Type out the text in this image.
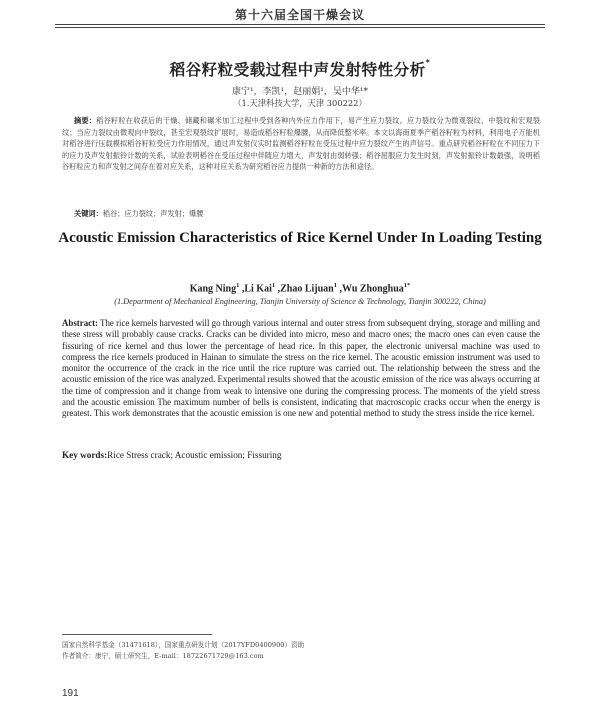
第十六届全国干燥会议
稻谷籽粒受载过程中声发射特性分析*
康宁¹，李凯¹，赵丽娟¹，吴中华¹*
（1.天津科技大学，天津 300222）
摘要：稻谷籽粒在收获后的干燥、储藏和碾米加工过程中受到各种内外应力作用下，易产生应力裂纹。应力裂纹分为微观裂纹、中裂纹和宏观裂纹；当应力裂纹由微观向中裂纹，甚至宏观裂纹扩展时，易造成稻谷籽粒爆腰，从而降低整米率。本文以海南夏季产稻谷籽粒为材料，利用电子万能机对稻谷进行压载模拟稻谷籽粒受应力作用情况，通过声发射仪实时监测稻谷籽粒在受压过程中应力裂纹产生的声信号。重点研究稻谷籽粒在不同压力下的应力及声发射振铃计数的关系，试验表明稻谷在受压过程中伴随应力增大，声发射由弱转强；稻谷屈服应力发生时刻，声发射振铃计数最强，说明稻谷籽粒应力和声发射之间存在着对应关系，这种对应关系为研究稻谷应力提供一种新的方法和途径。
关键词：稻谷；应力裂纹；声发射；爆腰
Acoustic Emission Characteristics of Rice Kernel Under In Loading Testing
Kang Ning$^1$ ,Li Kai$^1$ ,Zhao Lijuan$^1$ ,Wu Zhonghua$^{1*}$
(1.Department of Mechanical Engineering, Tianjin University of Science & Technology, Tianjin 300222, China)
Abstract: The rice kernels harvested will go through various internal and outer stress from subsequent drying, storage and milling and these stress will probably cause cracks. Cracks can be divided into micro, meso and macro ones; the macro ones can even cause the fissuring of rice kernel and thus lower the percentage of head rice. In this paper, the electronic universal machine was used to compress the rice kernels produced in Hainan to simulate the stress on the rice kernel. The acoustic emission instrument was used to monitor the occurrence of the crack in the rice until the rice rupture was carried out. The relationship between the stress and the acoustic emission of the rice was analyzed. Experimental results showed that the acoustic emission of the rice was always occurring at the time of compression and it change from weak to intensive one during the compressing process. The moments of the yield stress and the acoustic emission The maximum number of bells is consistent, indicating that macroscopic cracks occur when the energy is greatest. This work demonstrates that the acoustic emission is one new and potential method to study the stress inside the rice kernel.
Key words:Rice Stress crack; Acoustic emission; Fissuring
国家自然科学基金（31471618），国家重点研发计划（2017YFD0400900）资助
作者简介：康宁，硕士研究生，E-mail：18722671729@163.com
191
